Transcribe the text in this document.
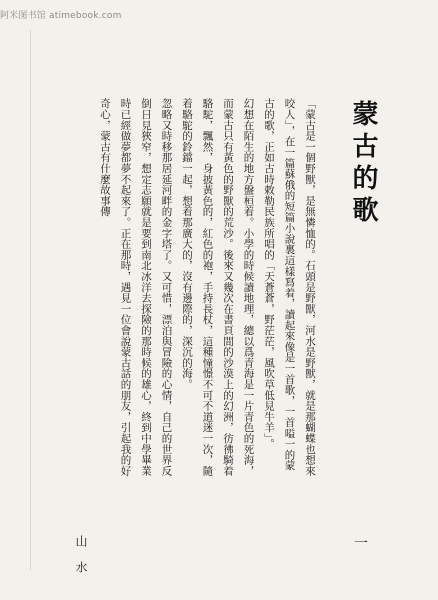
阿米图书馆 atimebook.com
蒙古的歌

「蒙古是一個野獸，是無憐恤的。石頭是野獸，河水是野獸，就是那蝴蝶也想來咬人」，在一篇蘇俄的短篇小說裏這樣寫着，讀起來像是一首歌，一首嗌一的蒙古的歌，正如古時敕勒民族所唱的「天蒼蒼，野茫茫，風吹草低見牛羊」。

幻想在陌生的地方盤桓着。小學的時候讀地理，總以爲青海是一片青色的死海，而蒙古只有黃色的野獸的荒沙。後來又幾次在書頁間的沙漠上的幻洲，彷彿騎着駱駝，飄然，身披黃色的，紅色的袍，手持長杖，這種憧憬不可不道迷一次，隨着駱駝的鈴鐺一起，想着那廣大的，沒有邊際的，深沉的海。

忽略又時移那居延河畔的金字塔了。又可惜，漂泊與冒險的心情，自己的世界反倒日見狹窄，想定志願就是要到南北冰洋去探險的那時候的雄心，終到中學畢業時已經做夢都夢不起來了。正在那時，遇見一位會說蒙古話的朋友，引起我的好奇心，蒙古有什麼故事傳

山水	一
